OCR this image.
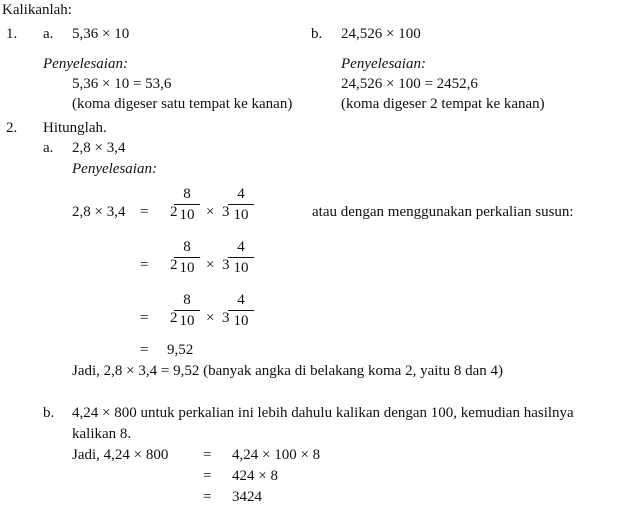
Kalikanlah:
1. a. 5,36 × 10	b. 24,526 × 100
Penyelesaian:	Penyelesaian:
5,36 × 10 = 53,6	24,526 × 100 = 2452,6
(koma digeser satu tempat ke kanan)	(koma digeser 2 tempat ke kanan)
2. Hitunglah.
a. 2,8 × 3,4
Penyelesaian:
2,8 × 3,4 = 2
8
10 × 3
4
10	atau dengan menggunakan perkalian susun:
= 2
8
10 × 3
4
10
= 2
8
10 × 3
4
10
= 9,52
Jadi, 2,8 × 3,4 = 9,52 (banyak angka di belakang koma 2, yaitu 8 dan 4)
b. 4,24 × 800 untuk perkalian ini lebih dahulu kalikan dengan 100, kemudian hasilnya
kalikan 8.
Jadi, 4,24 × 800 = 4,24 × 100 × 8
= 424 × 8
= 3424
